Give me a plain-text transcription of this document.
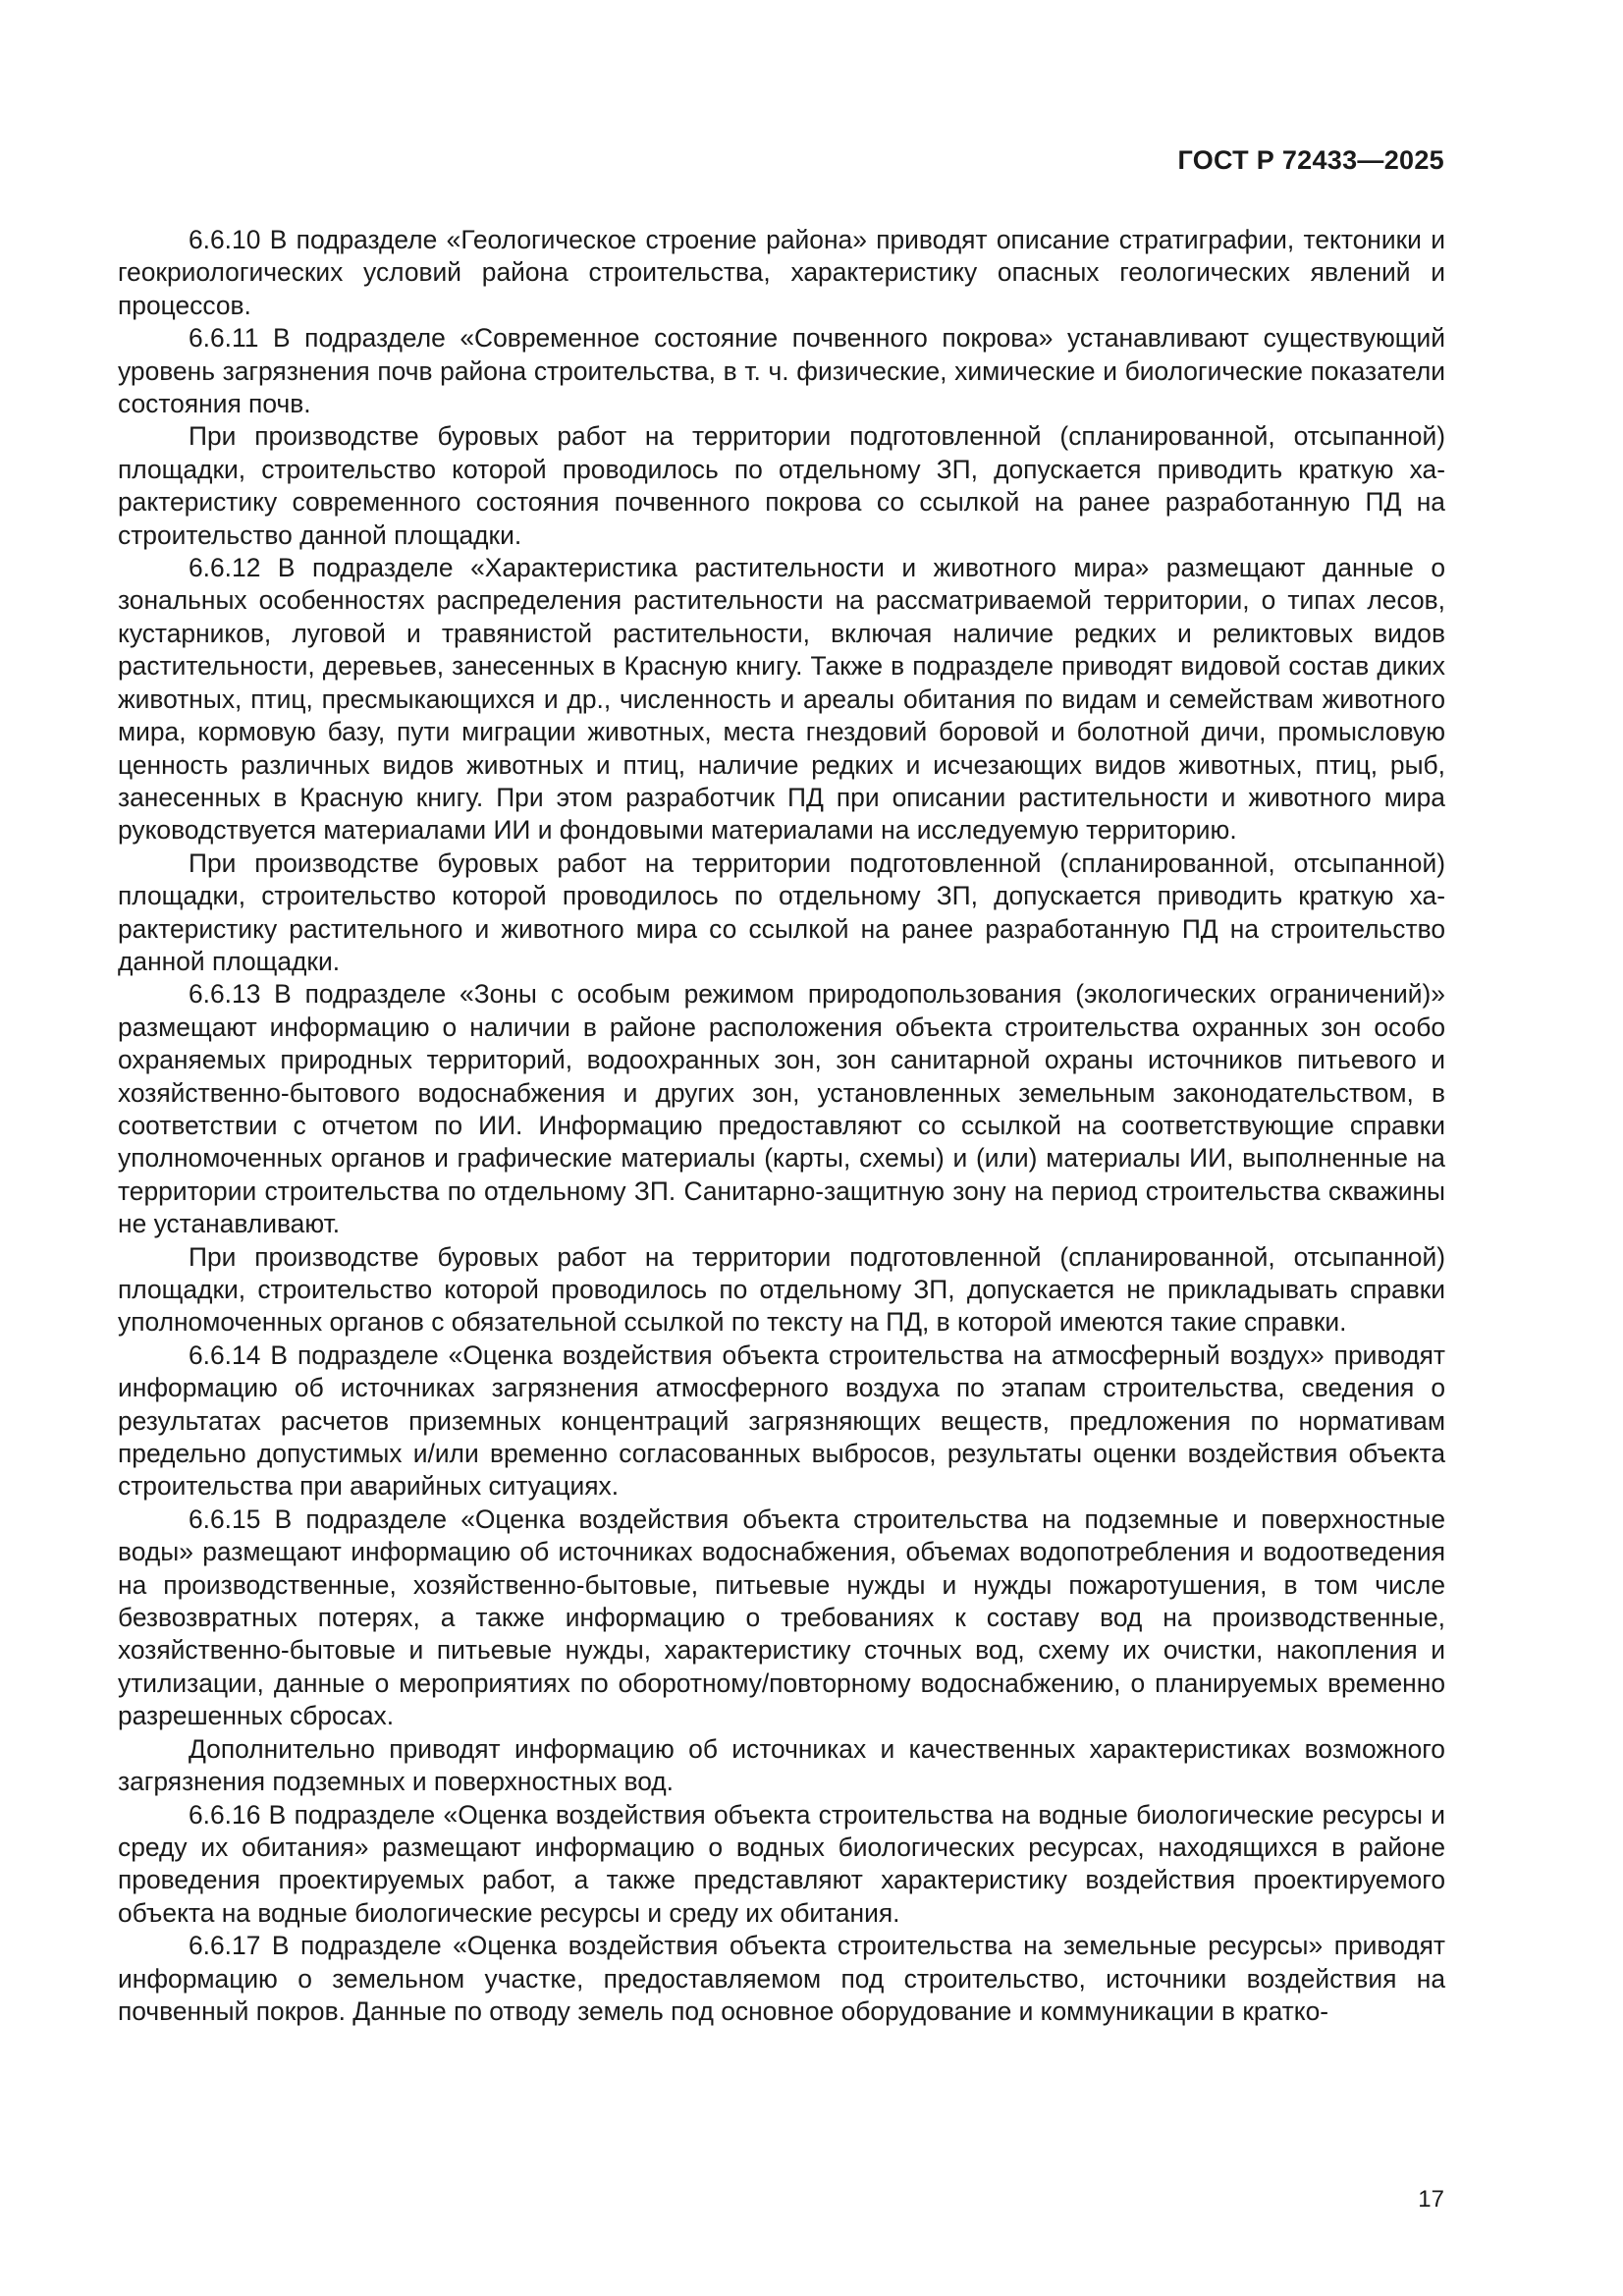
ГОСТ Р 72433—2025

6.6.10 В подразделе «Геологическое строение района» приводят описание стратиграфии, тектоники и геокриологических условий района строительства, характеристику опасных геологических явлений и процессов.

6.6.11 В подразделе «Современное состояние почвенного покрова» устанавливают существующий уровень загрязнения почв района строительства, в т. ч. физические, химические и биологические показатели состояния почв.

При производстве буровых работ на территории подготовленной (спланированной, отсыпанной) площадки, строительство которой проводилось по отдельному ЗП, допускается приводить краткую характеристику современного состояния почвенного покрова со ссылкой на ранее разработанную ПД на строительство данной площадки.

6.6.12 В подразделе «Характеристика растительности и животного мира» размещают данные о зональных особенностях распределения растительности на рассматриваемой территории, о типах лесов, кустарников, луговой и травянистой растительности, включая наличие редких и реликтовых видов растительности, деревьев, занесенных в Красную книгу. Также в подразделе приводят видовой состав диких животных, птиц, пресмыкающихся и др., численность и ареалы обитания по видам и семействам животного мира, кормовую базу, пути миграции животных, места гнездовий боровой и болотной дичи, промысловую ценность различных видов животных и птиц, наличие редких и исчезающих видов животных, птиц, рыб, занесенных в Красную книгу. При этом разработчик ПД при описании растительности и животного мира руководствуется материалами ИИ и фондовыми материалами на исследуемую территорию.

При производстве буровых работ на территории подготовленной (спланированной, отсыпанной) площадки, строительство которой проводилось по отдельному ЗП, допускается приводить краткую характеристику растительного и животного мира со ссылкой на ранее разработанную ПД на строительство данной площадки.

6.6.13 В подразделе «Зоны с особым режимом природопользования (экологических ограничений)» размещают информацию о наличии в районе расположения объекта строительства охранных зон особо охраняемых природных территорий, водоохранных зон, зон санитарной охраны источников питьевого и хозяйственно-бытового водоснабжения и других зон, установленных земельным законодательством, в соответствии с отчетом по ИИ. Информацию предоставляют со ссылкой на соответствующие справки уполномоченных органов и графические материалы (карты, схемы) и (или) материалы ИИ, выполненные на территории строительства по отдельному ЗП. Санитарно-защитную зону на период строительства скважины не устанавливают.

При производстве буровых работ на территории подготовленной (спланированной, отсыпанной) площадки, строительство которой проводилось по отдельному ЗП, допускается не прикладывать справки уполномоченных органов с обязательной ссылкой по тексту на ПД, в которой имеются такие справки.

6.6.14 В подразделе «Оценка воздействия объекта строительства на атмосферный воздух» приводят информацию об источниках загрязнения атмосферного воздуха по этапам строительства, сведения о результатах расчетов приземных концентраций загрязняющих веществ, предложения по нормативам предельно допустимых и/или временно согласованных выбросов, результаты оценки воздействия объекта строительства при аварийных ситуациях.

6.6.15 В подразделе «Оценка воздействия объекта строительства на подземные и поверхностные воды» размещают информацию об источниках водоснабжения, объемах водопотребления и водоотведения на производственные, хозяйственно-бытовые, питьевые нужды и нужды пожаротушения, в том числе безвозвратных потерях, а также информацию о требованиях к составу вод на производственные, хозяйственно-бытовые и питьевые нужды, характеристику сточных вод, схему их очистки, накопления и утилизации, данные о мероприятиях по оборотному/повторному водоснабжению, о планируемых временно разрешенных сбросах.

Дополнительно приводят информацию об источниках и качественных характеристиках возможного загрязнения подземных и поверхностных вод.

6.6.16 В подразделе «Оценка воздействия объекта строительства на водные биологические ресурсы и среду их обитания» размещают информацию о водных биологических ресурсах, находящихся в районе проведения проектируемых работ, а также представляют характеристику воздействия проектируемого объекта на водные биологические ресурсы и среду их обитания.

6.6.17 В подразделе «Оценка воздействия объекта строительства на земельные ресурсы» приводят информацию о земельном участке, предоставляемом под строительство, источники воздействия на почвенный покров. Данные по отводу земель под основное оборудование и коммуникации в кратко-

17
